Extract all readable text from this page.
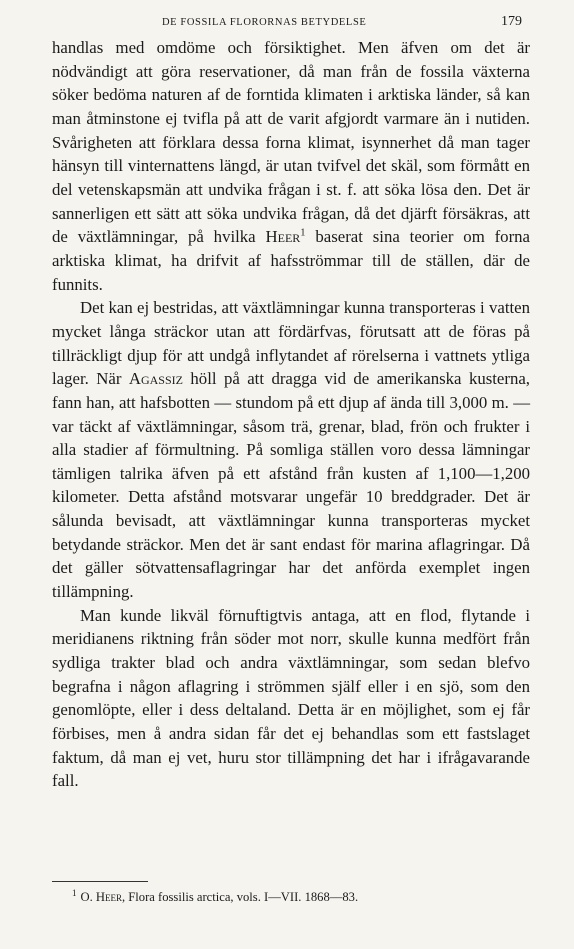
DE FOSSILA FLORORNAS BETYDELSE	179

handlas med omdöme och försiktighet. Men äfven om det är nödvändigt att göra reservationer, då man från de fossila växterna söker bedöma naturen af de forntida klimaten i arktiska länder, så kan man åtminstone ej tvifla på att de varit afgjordt varmare än i nutiden. Svårigheten att förklara dessa forna klimat, isynnerhet då man tager hänsyn till vinternattens längd, är utan tvifvel det skäl, som förmått en del vetenskapsmän att undvika frågan i st. f. att söka lösa den. Det är sannerligen ett sätt att söka undvika frågan, då det djärft försäkras, att de växtlämningar, på hvilka Heer$^1$ baserat sina teorier om forna arktiska klimat, ha drifvit af hafsströmmar till de ställen, där de funnits.

Det kan ej bestridas, att växtlämningar kunna transporteras i vatten mycket långa sträckor utan att fördärfvas, förutsatt att de föras på tillräckligt djup för att undgå inflytandet af rörelserna i vattnets ytliga lager. När Agassiz höll på att dragga vid de amerikanska kusterna, fann han, att hafsbotten — stundom på ett djup af ända till 3,000 m. — var täckt af växtlämningar, såsom trä, grenar, blad, frön och frukter i alla stadier af förmultning. På somliga ställen voro dessa lämningar tämligen talrika äfven på ett afstånd från kusten af 1,100—1,200 kilometer. Detta afstånd motsvarar ungefär 10 breddgrader. Det är sålunda bevisadt, att växtlämningar kunna transporteras mycket betydande sträckor. Men det är sant endast för marina aflagringar. Då det gäller sötvattensaflagringar har det anförda exemplet ingen tillämpning.

Man kunde likväl förnuftigtvis antaga, att en flod, flytande i meridianens riktning från söder mot norr, skulle kunna medfört från sydliga trakter blad och andra växtlämningar, som sedan blefvo begrafna i någon aflagring i strömmen själf eller i en sjö, som den genomlöpte, eller i dess deltaland. Detta är en möjlighet, som ej får förbises, men å andra sidan får det ej behandlas som ett fastslaget faktum, då man ej vet, huru stor tillämpning det har i ifrågavarande fall.

$^1$ O. Heer, Flora fossilis arctica, vols. I—VII. 1868—83.
